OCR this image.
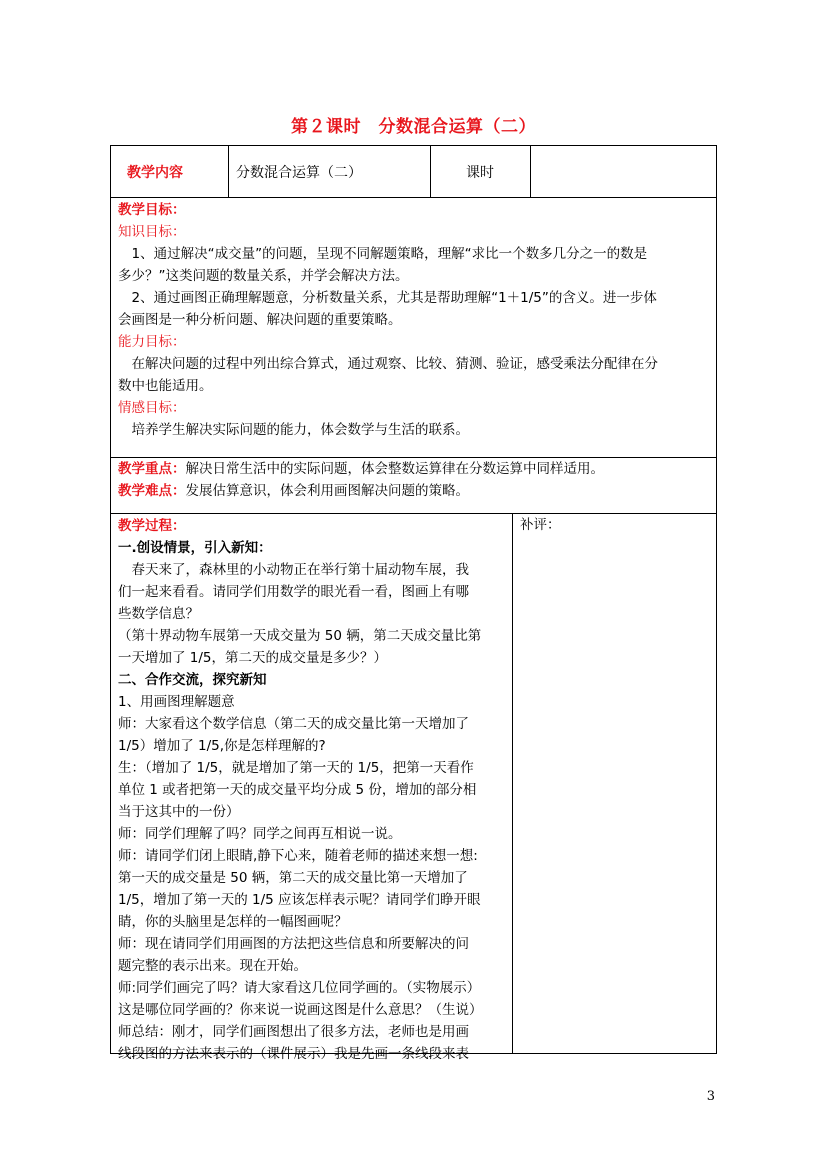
第２课时　分数混合运算（二）
教学内容	分数混合运算（二）	课时
教学目标：
知识目标：
　1、通过解决“成交量”的问题，呈现不同解题策略，理解“求比一个数多几分之一的数是
多少？”这类问题的数量关系，并学会解决方法。
　2、通过画图正确理解题意，分析数量关系，尤其是帮助理解“1＋1/5”的含义。进一步体
会画图是一种分析问题、解决问题的重要策略。
能力目标：
　在解决问题的过程中列出综合算式，通过观察、比较、猜测、验证，感受乘法分配律在分
数中也能适用。
情感目标：
　培养学生解决实际问题的能力，体会数学与生活的联系。
教学重点：解决日常生活中的实际问题，体会整数运算律在分数运算中同样适用。
教学难点：发展估算意识，体会利用画图解决问题的策略。
补评：
教学过程：
一.创设情景，引入新知：
　春天来了，森林里的小动物正在举行第十届动物车展，我
们一起来看看。请同学们用数学的眼光看一看，图画上有哪
些数学信息？
（第十界动物车展第一天成交量为 50 辆，第二天成交量比第
一天增加了 1/5，第二天的成交量是多少？）
二、合作交流，探究新知
1、用画图理解题意
师：大家看这个数学信息（第二天的成交量比第一天增加了
1/5）增加了 1/5,你是怎样理解的?
生：（增加了 1/5，就是增加了第一天的 1/5，把第一天看作
单位 1 或者把第一天的成交量平均分成 5 份，增加的部分相
当于这其中的一份）
师：同学们理解了吗？同学之间再互相说一说。
师：请同学们闭上眼睛,静下心来，随着老师的描述来想一想:
第一天的成交量是 50 辆，第二天的成交量比第一天增加了
1/5，增加了第一天的 1/5 应该怎样表示呢？请同学们睁开眼
睛，你的头脑里是怎样的一幅图画呢？
师：现在请同学们用画图的方法把这些信息和所要解决的问
题完整的表示出来。现在开始。
师:同学们画完了吗？请大家看这几位同学画的。（实物展示）
这是哪位同学画的？你来说一说画这图是什么意思？（生说）
师总结：刚才，同学们画图想出了很多方法，老师也是用画
线段图的方法来表示的（课件展示）我是先画一条线段来表
3
